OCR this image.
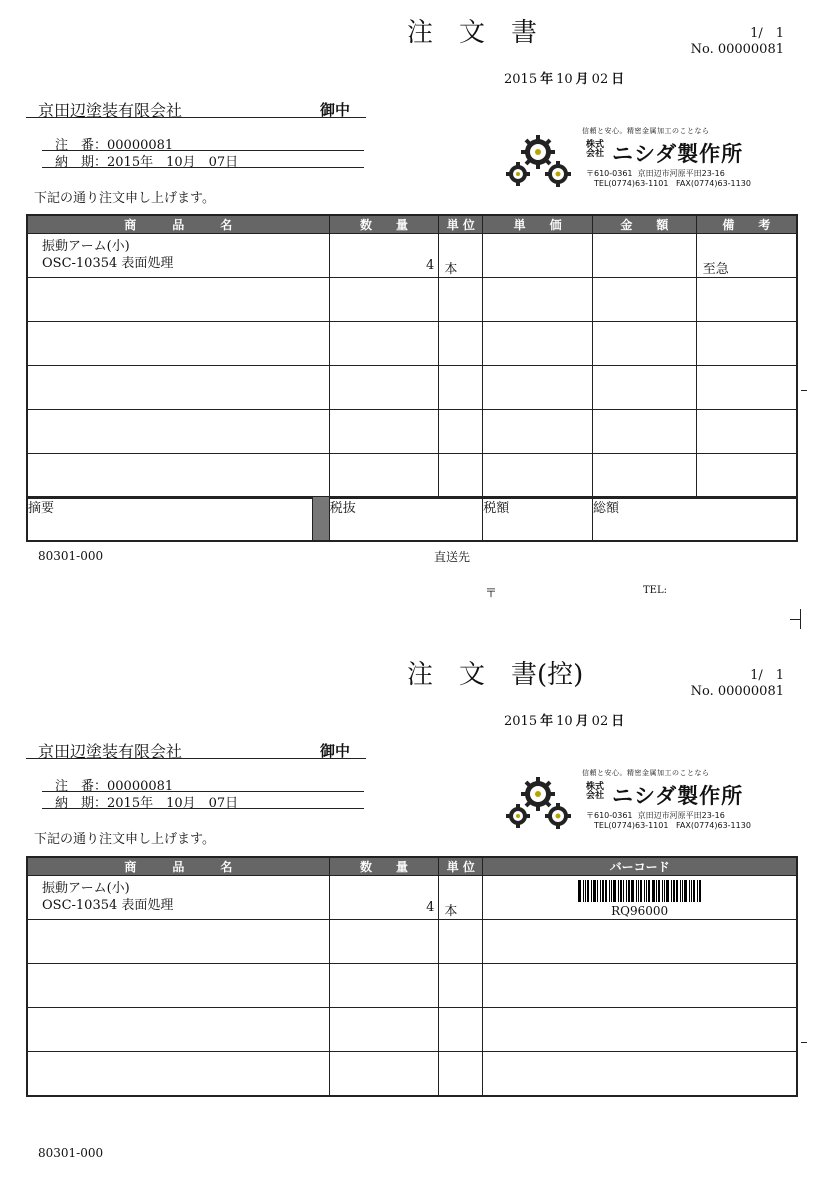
注　文　書	1/　1
No. 00000081
2015 年 10 月 02 日
京田辺塗装有限会社	御中
注　番：00000081
納　期：2015年　10月　07日
下記の通り注文申し上げます。
信頼と安心。精密金属加工のことなら
株式
会社 ニシダ製作所
〒610-0361  京田辺市河原平田23-16
TEL(0774)63-1101   FAX(0774)63-1130
商　　　品　　　名	数　　量	単 位	単　　価	金　　額	備　　考

振動アーム(小)
OSC-10354 表面処理	4	本			至急

摘要		税抜	税額	総額
80301-000	直送先
〒	TEL:
注　文　書(控)	1/　1
No. 00000081
2015 年 10 月 02 日
京田辺塗装有限会社	御中
注　番：00000081
納　期：2015年　10月　07日
下記の通り注文申し上げます。
信頼と安心。精密金属加工のことなら
株式
会社 ニシダ製作所
〒610-0361  京田辺市河原平田23-16
TEL(0774)63-1101   FAX(0774)63-1130
商　　　品　　　名	数　　量	単 位	バーコード

振動アーム(小)
OSC-10354 表面処理	4	本	RQ96000

80301-000
